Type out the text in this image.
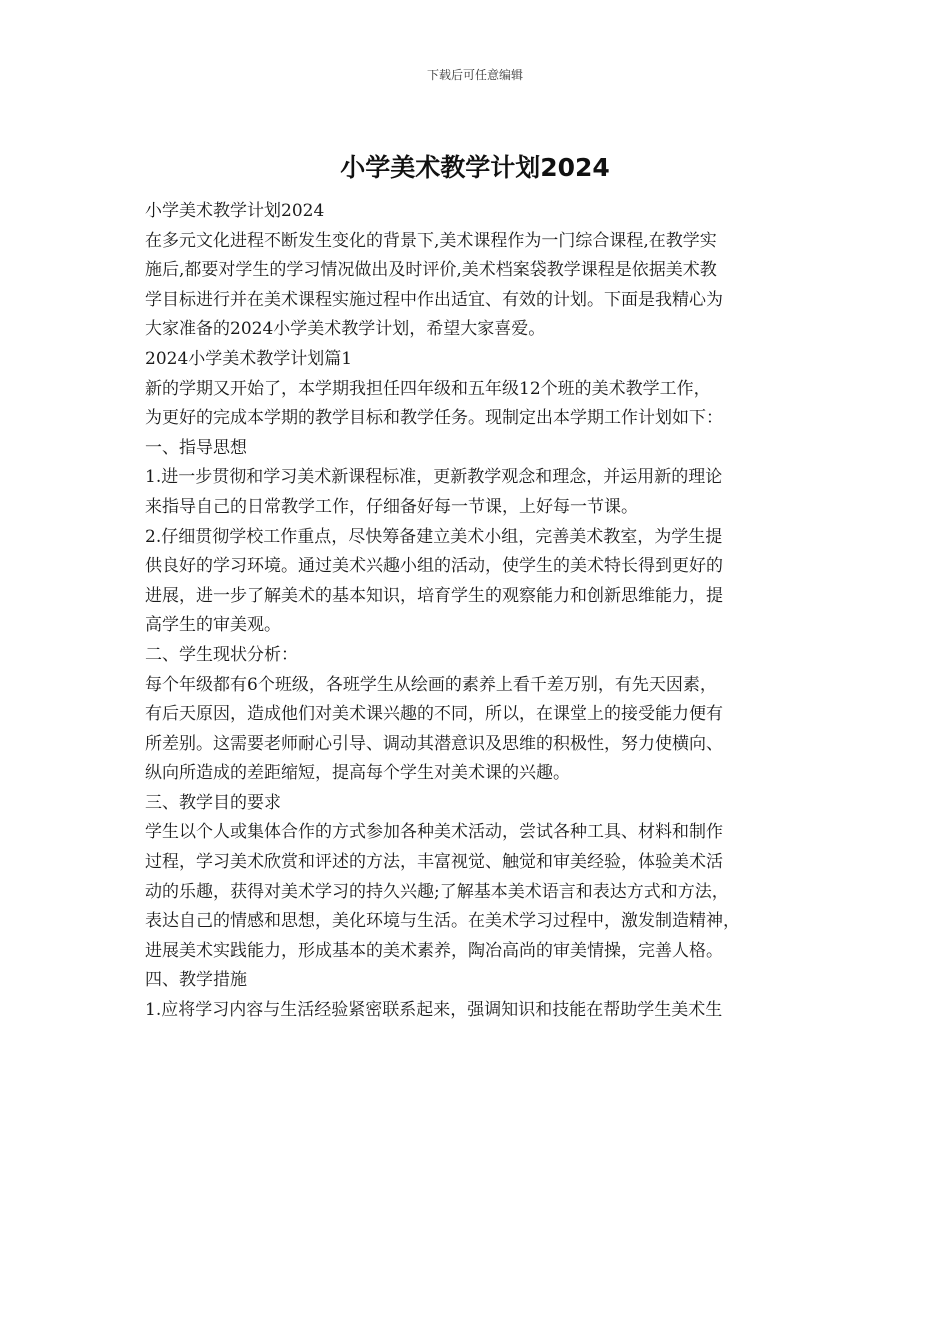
下载后可任意编辑
小学美术教学计划2024

小学美术教学计划2024

在多元文化进程不断发生变化的背景下,美术课程作为一门综合课程,在教学实

施后,都要对学生的学习情况做出及时评价,美术档案袋教学课程是依据美术教

学目标进行并在美术课程实施过程中作出适宜、有效的计划。下面是我精心为

大家准备的2024小学美术教学计划，希望大家喜爱。

2024小学美术教学计划篇1

新的学期又开始了，本学期我担任四年级和五年级12个班的美术教学工作，

为更好的完成本学期的教学目标和教学任务。现制定出本学期工作计划如下：

一、指导思想

1.进一步贯彻和学习美术新课程标准，更新教学观念和理念，并运用新的理论

来指导自己的日常教学工作，仔细备好每一节课，上好每一节课。

2.仔细贯彻学校工作重点，尽快筹备建立美术小组，完善美术教室，为学生提

供良好的学习环境。通过美术兴趣小组的活动，使学生的美术特长得到更好的

进展，进一步了解美术的基本知识，培育学生的观察能力和创新思维能力，提

高学生的审美观。

二、学生现状分析：

每个年级都有6个班级，各班学生从绘画的素养上看千差万别，有先天因素，

有后天原因，造成他们对美术课兴趣的不同，所以，在课堂上的接受能力便有

所差别。这需要老师耐心引导、调动其潜意识及思维的积极性，努力使横向、

纵向所造成的差距缩短，提高每个学生对美术课的兴趣。

三、教学目的要求

学生以个人或集体合作的方式参加各种美术活动，尝试各种工具、材料和制作

过程，学习美术欣赏和评述的方法，丰富视觉、触觉和审美经验，体验美术活

动的乐趣，获得对美术学习的持久兴趣;了解基本美术语言和表达方式和方法，

表达自己的情感和思想，美化环境与生活。在美术学习过程中，激发制造精神，

进展美术实践能力，形成基本的美术素养，陶冶高尚的审美情操，完善人格。

四、教学措施

1.应将学习内容与生活经验紧密联系起来，强调知识和技能在帮助学生美术生
